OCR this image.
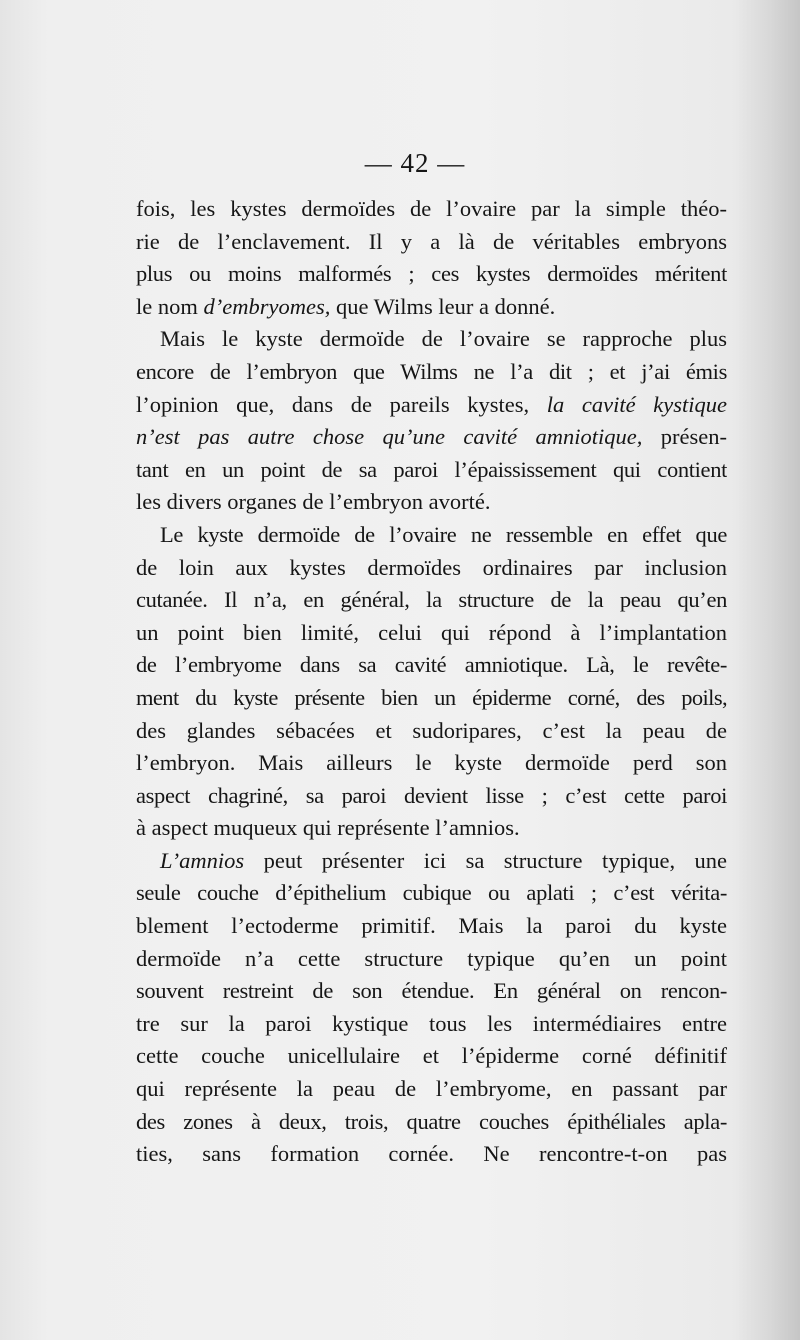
— 42 —
fois, les kystes dermoïdes de l’ovaire par la simple théo-
rie de l’enclavement. Il y a là de véritables embryons
plus ou moins malformés ; ces kystes dermoïdes méritent
le nom d’embryomes, que Wilms leur a donné.
Mais le kyste dermoïde de l’ovaire se rapproche plus
encore de l’embryon que Wilms ne l’a dit ; et j’ai émis
l’opinion que, dans de pareils kystes, la cavité kystique
n’est pas autre chose qu’une cavité amniotique, présen-
tant en un point de sa paroi l’épaississement qui contient
les divers organes de l’embryon avorté.
Le kyste dermoïde de l’ovaire ne ressemble en effet que
de loin aux kystes dermoïdes ordinaires par inclusion
cutanée. Il n’a, en général, la structure de la peau qu’en
un point bien limité, celui qui répond à l’implantation
de l’embryome dans sa cavité amniotique. Là, le revête-
ment du kyste présente bien un épiderme corné, des poils,
des glandes sébacées et sudoripares, c’est la peau de
l’embryon. Mais ailleurs le kyste dermoïde perd son
aspect chagriné, sa paroi devient lisse ; c’est cette paroi
à aspect muqueux qui représente l’amnios.
L’amnios peut présenter ici sa structure typique, une
seule couche d’épithelium cubique ou aplati ; c’est vérita-
blement l’ectoderme primitif. Mais la paroi du kyste
dermoïde n’a cette structure typique qu’en un point
souvent restreint de son étendue. En général on rencon-
tre sur la paroi kystique tous les intermédiaires entre
cette couche unicellulaire et l’épiderme corné définitif
qui représente la peau de l’embryome, en passant par
des zones à deux, trois, quatre couches épithéliales apla-
ties, sans formation cornée. Ne rencontre-t-on pas
